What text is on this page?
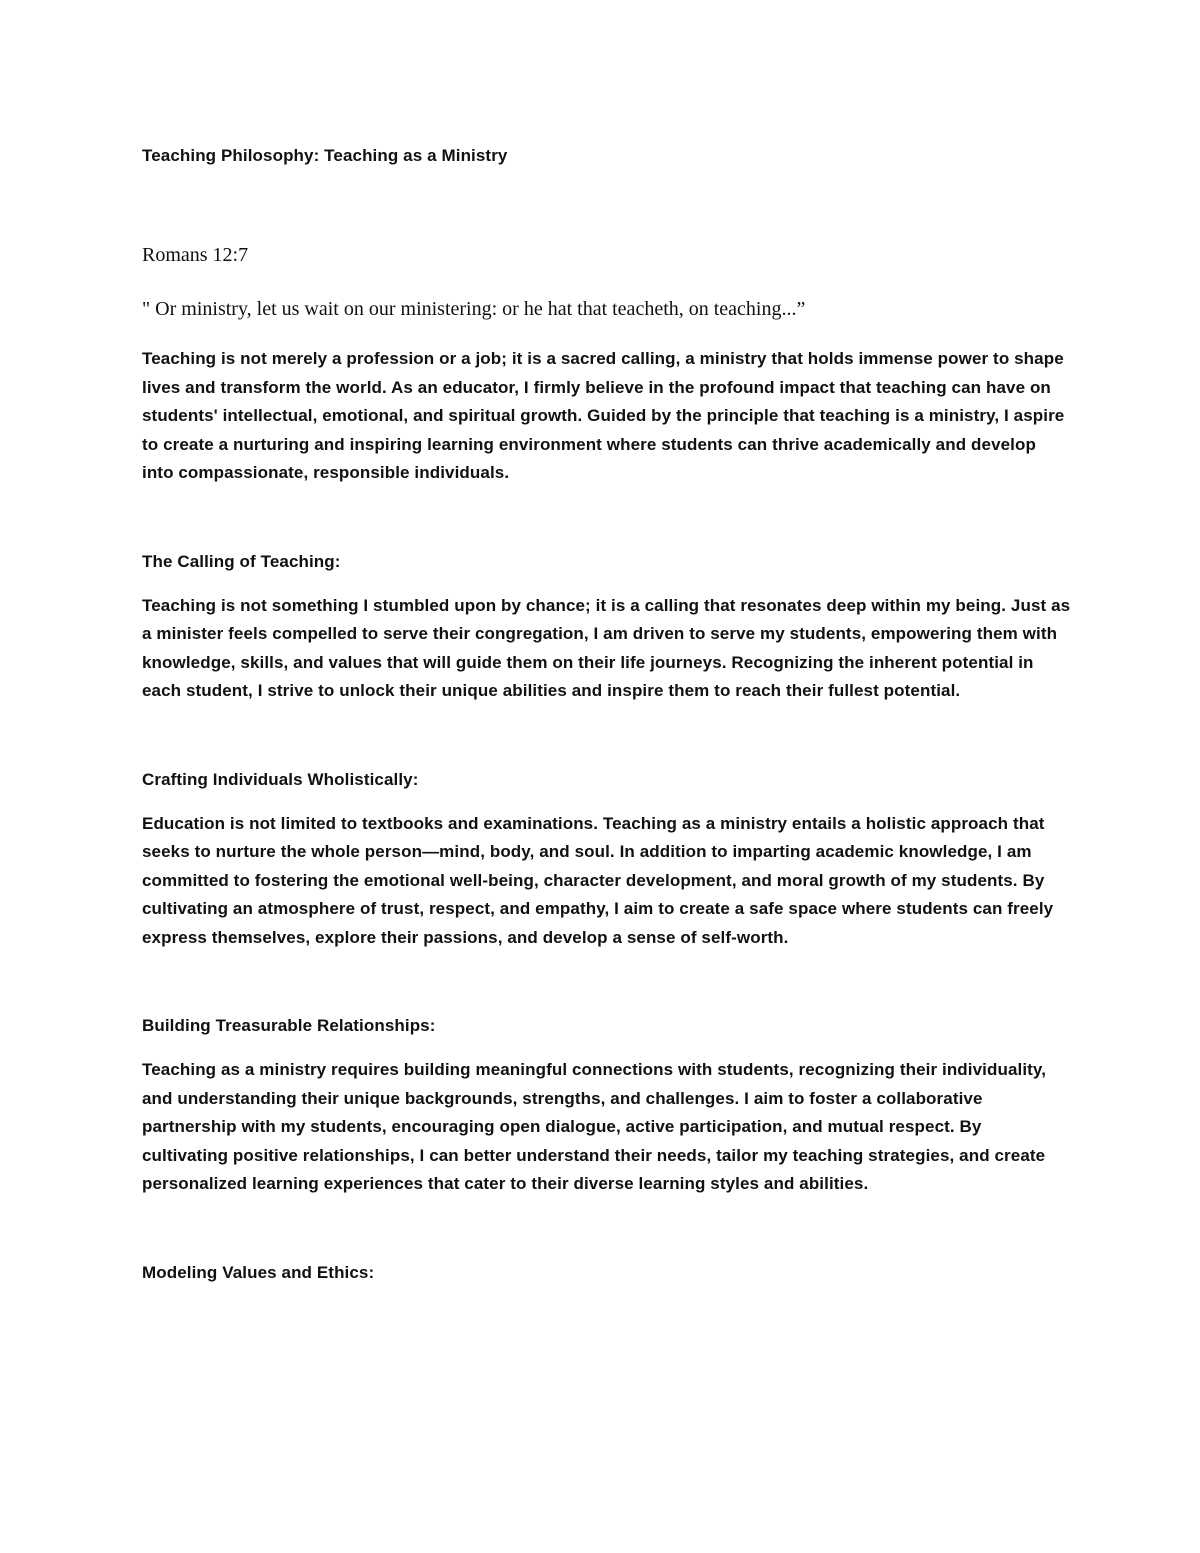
Teaching Philosophy: Teaching as a Ministry

Romans 12:7

" Or ministry, let us wait on our ministering: or he hat that teacheth, on teaching...”

Teaching is not merely a profession or a job; it is a sacred calling, a ministry that holds immense power to shape lives and transform the world. As an educator, I firmly believe in the profound impact that teaching can have on students' intellectual, emotional, and spiritual growth. Guided by the principle that teaching is a ministry, I aspire to create a nurturing and inspiring learning environment where students can thrive academically and develop into compassionate, responsible individuals.

The Calling of Teaching:

Teaching is not something I stumbled upon by chance; it is a calling that resonates deep within my being. Just as a minister feels compelled to serve their congregation, I am driven to serve my students, empowering them with knowledge, skills, and values that will guide them on their life journeys. Recognizing the inherent potential in each student, I strive to unlock their unique abilities and inspire them to reach their fullest potential.

Crafting Individuals Wholistically:

Education is not limited to textbooks and examinations. Teaching as a ministry entails a holistic approach that seeks to nurture the whole person—mind, body, and soul. In addition to imparting academic knowledge, I am committed to fostering the emotional well-being, character development, and moral growth of my students. By cultivating an atmosphere of trust, respect, and empathy, I aim to create a safe space where students can freely express themselves, explore their passions, and develop a sense of self-worth.

Building Treasurable Relationships:

Teaching as a ministry requires building meaningful connections with students, recognizing their individuality, and understanding their unique backgrounds, strengths, and challenges. I aim to foster a collaborative partnership with my students, encouraging open dialogue, active participation, and mutual respect. By cultivating positive relationships, I can better understand their needs, tailor my teaching strategies, and create personalized learning experiences that cater to their diverse learning styles and abilities.

Modeling Values and Ethics:
